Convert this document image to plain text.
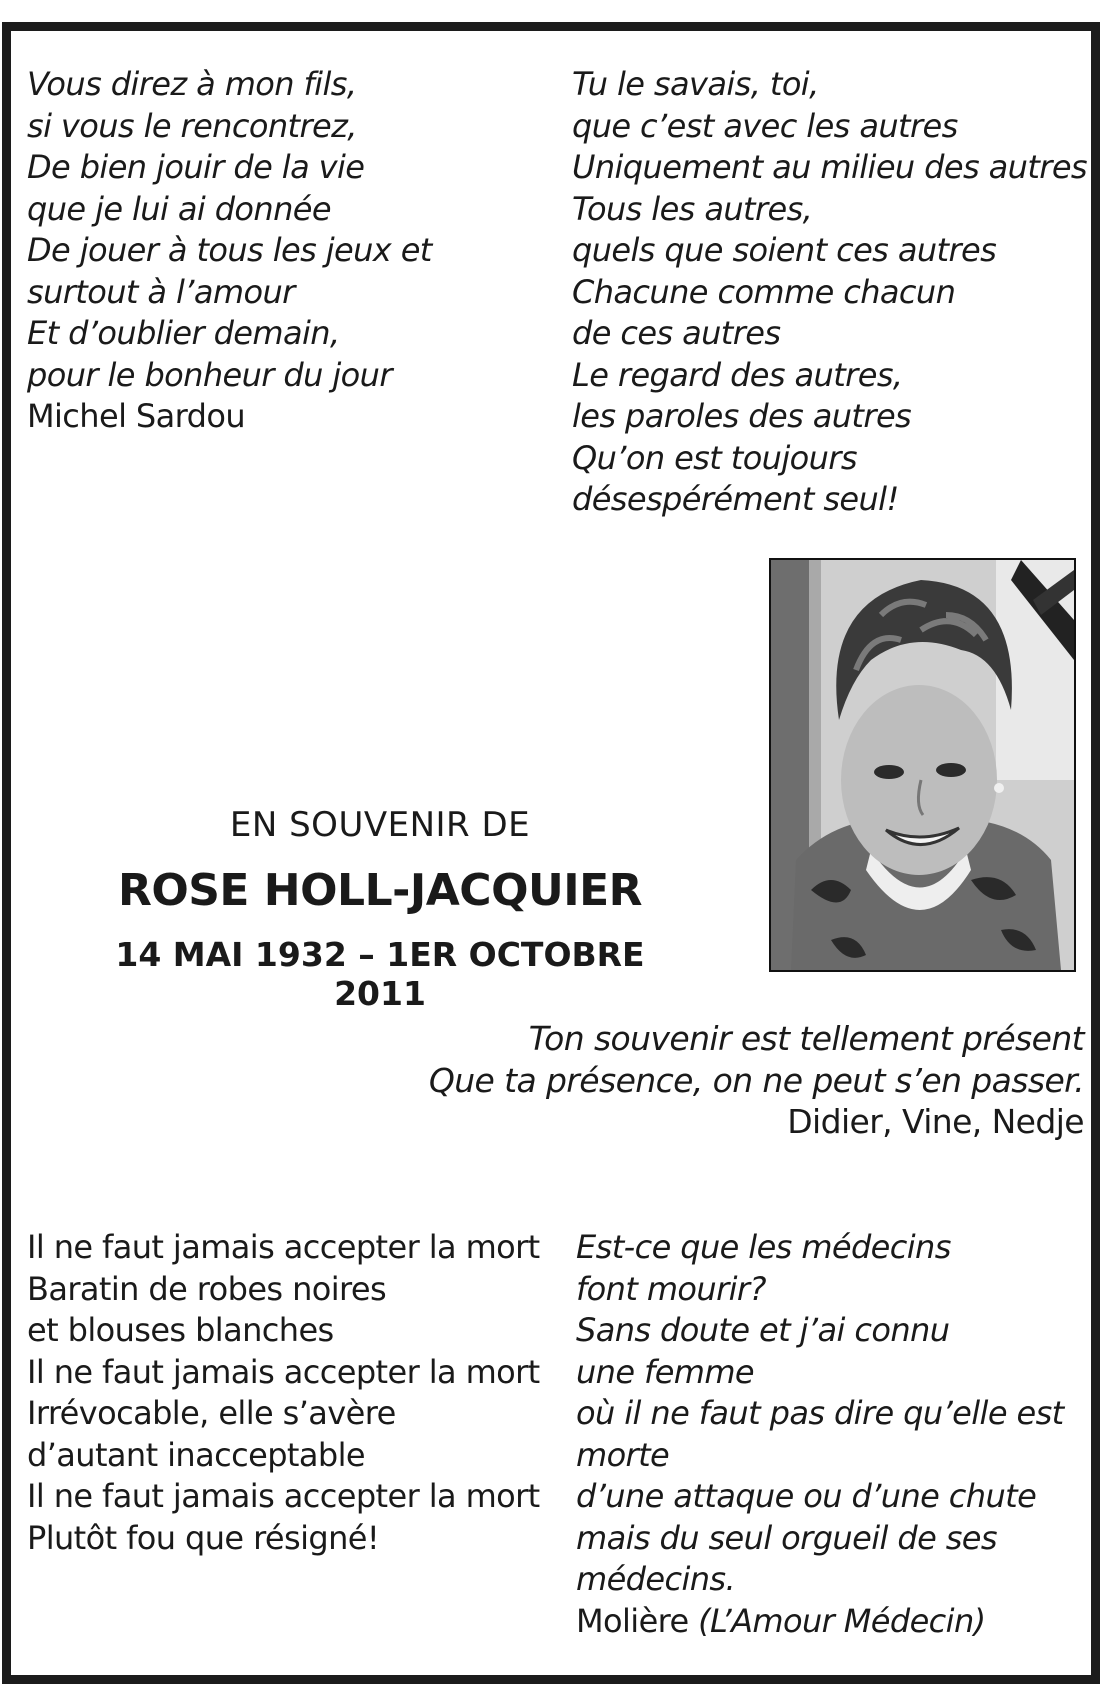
Vous direz à mon fils,
si vous le rencontrez,
De bien jouir de la vie
que je lui ai donnée
De jouer à tous les jeux et
surtout à l’amour
Et d’oublier demain,
pour le bonheur du jour
Michel Sardou
Tu le savais, toi,
que c’est avec les autres
Uniquement au milieu des autres
Tous les autres,
quels que soient ces autres
Chacune comme chacun
de ces autres
Le regard des autres,
les paroles des autres
Qu’on est toujours
désespérément seul!
EN SOUVENIR DE
ROSE HOLL-JACQUIER
14 MAI 1932 – 1ER OCTOBRE 2011
Ton souvenir est tellement présent
Que ta présence, on ne peut s’en passer.
Didier, Vine, Nedje
Il ne faut jamais accepter la mort
Baratin de robes noires
et blouses blanches
Il ne faut jamais accepter la mort
Irrévocable, elle s’avère
d’autant inacceptable
Il ne faut jamais accepter la mort
Plutôt fou que résigné!
Est-ce que les médecins
font mourir?
Sans doute et j’ai connu
une femme
où il ne faut pas dire qu’elle est
morte
d’une attaque ou d’une chute
mais du seul orgueil de ses
médecins.
Molière (L’Amour Médecin)
